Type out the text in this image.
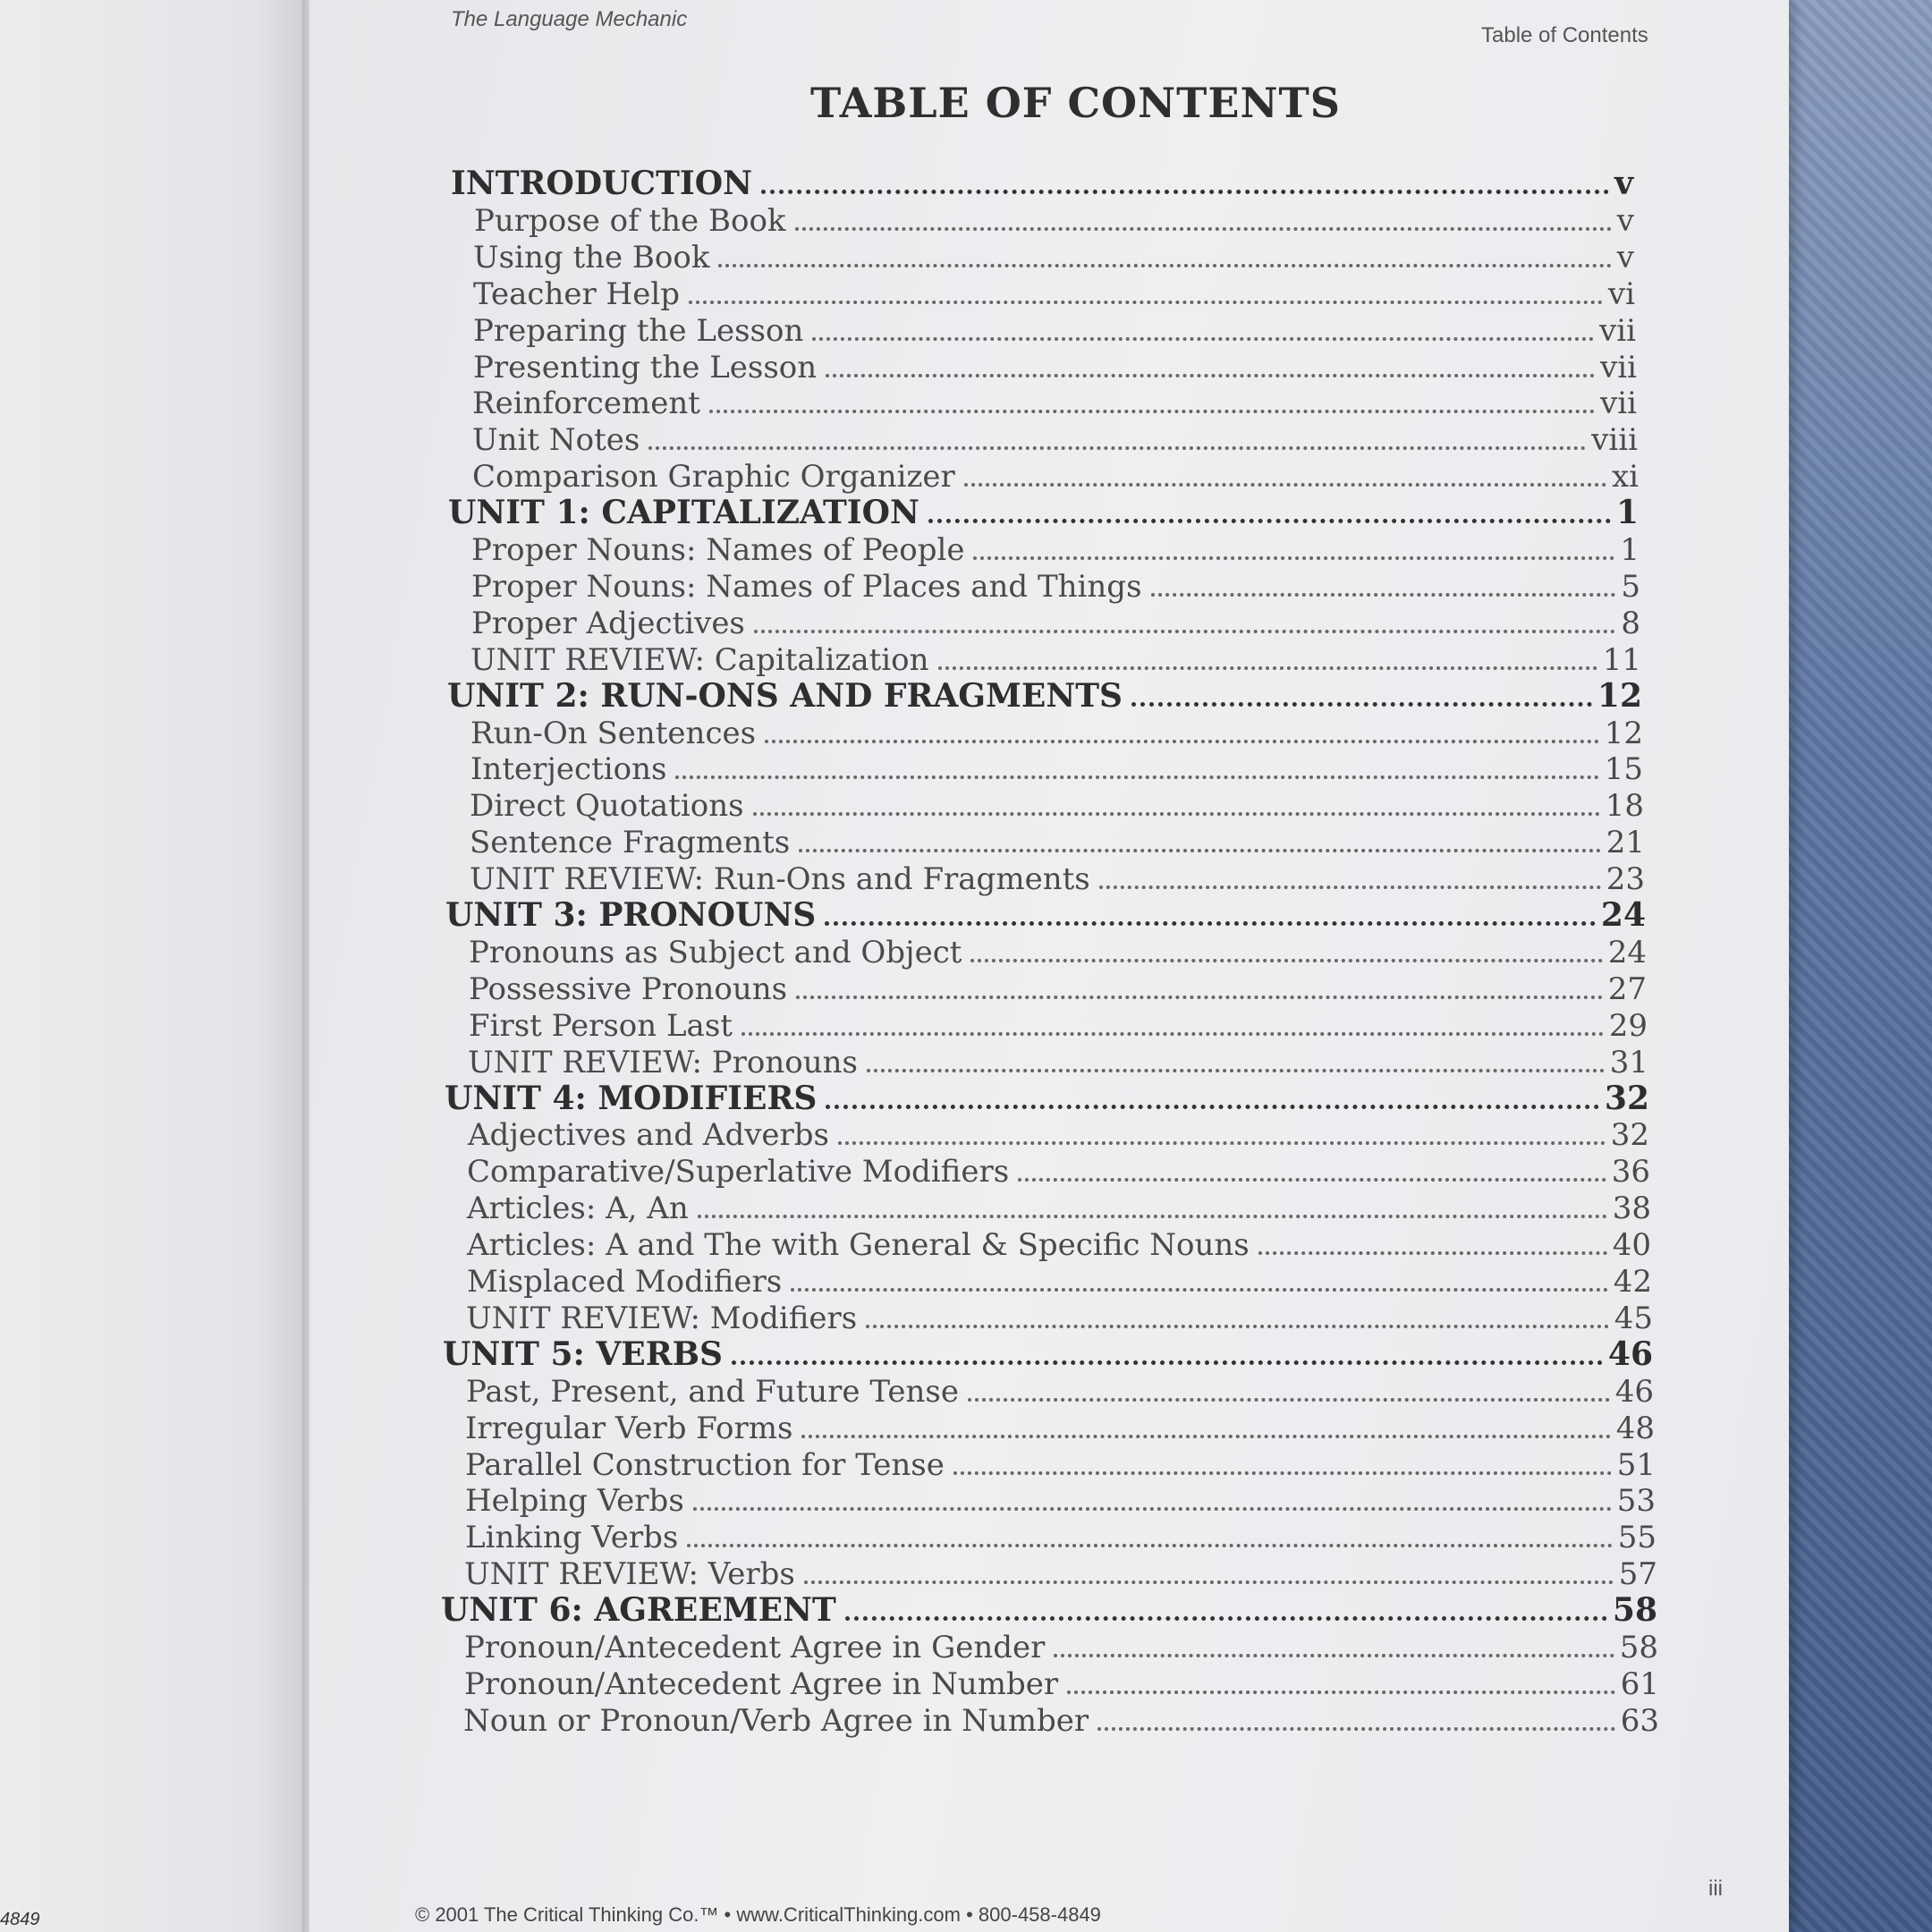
4849
The Language Mechanic
Table of Contents
TABLE OF CONTENTS
INTRODUCTION	v
Purpose of the Book	v
Using the Book	v
Teacher Help	vi
Preparing the Lesson	vii
Presenting the Lesson	vii
Reinforcement	vii
Unit Notes	viii
Comparison Graphic Organizer	xi
UNIT 1: CAPITALIZATION	1
Proper Nouns: Names of People	1
Proper Nouns: Names of Places and Things	5
Proper Adjectives	8
UNIT REVIEW: Capitalization	11
UNIT 2: RUN-ONS AND FRAGMENTS	12
Run-On Sentences	12
Interjections	15
Direct Quotations	18
Sentence Fragments	21
UNIT REVIEW: Run-Ons and Fragments	23
UNIT 3: PRONOUNS	24
Pronouns as Subject and Object	24
Possessive Pronouns	27
First Person Last	29
UNIT REVIEW: Pronouns	31
UNIT 4: MODIFIERS	32
Adjectives and Adverbs	32
Comparative/Superlative Modifiers	36
Articles: A, An	38
Articles: A and The with General & Specific Nouns	40
Misplaced Modifiers	42
UNIT REVIEW: Modifiers	45
UNIT 5: VERBS	46
Past, Present, and Future Tense	46
Irregular Verb Forms	48
Parallel Construction for Tense	51
Helping Verbs	53
Linking Verbs	55
UNIT REVIEW: Verbs	57
UNIT 6: AGREEMENT	58
Pronoun/Antecedent Agree in Gender	58
Pronoun/Antecedent Agree in Number	61
Noun or Pronoun/Verb Agree in Number	63
© 2001 The Critical Thinking Co.™ • www.CriticalThinking.com • 800-458-4849
iii
